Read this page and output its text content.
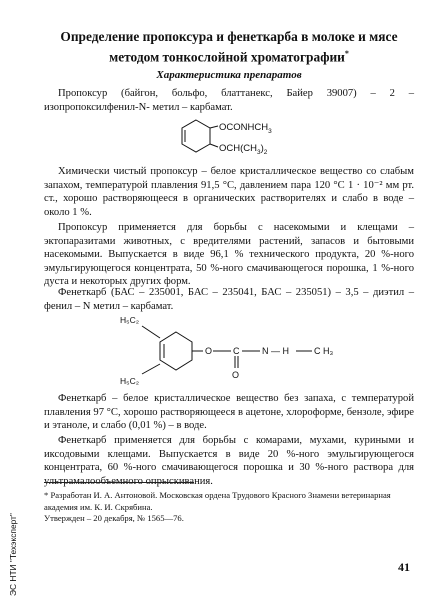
Определение пропоксура и фенеткарба в молоке и мясе
методом тонкослойной хроматографии*
Характеристика препаратов
Пропоксур (байгон, больфо, блаттанекс, Байер 39007) – 2 –изопропоксилфенил-N- метил – карбамат.
$OCONHCH_3$
$OCH(CH_3)_2$
Химически чистый пропоксур – белое кристаллическое вещество со слабым запахом, температурой плавления 91,5 °С, давлением пара 120 °С 1 · 10⁻² мм рт. ст., хорошо растворяющееся в органических растворителях и слабо в воде – около 1 %.
Пропоксур применяется для борьбы с насекомыми и клещами – эктопаразитами животных, с вредителями растений, запасов и бытовыми насекомыми. Выпускается в виде 96,1 % технического продукта, 20 %-ного эмульгирующегося концентрата, 50 %-ного смачивающегося порошка, 1 %-ного дуста и некоторых других форм.
Фенеткарб (БАС – 235001, БАС – 235041, БАС – 235051) – 3,5 – диэтил – фенил – N метил – карбамат.
H₅C₂
H₅C₂
O C
O
N — H	C H₃
Фенеткарб – белое кристаллическое вещество без запаха, с температурой плавления 97 °С, хорошо растворяющееся в ацетоне, хлороформе, бензоле, эфире и этаноле, и слабо (0,01 %) – в воде.
Фенеткарб применяется для борьбы с комарами, мухами, куриными и иксодовыми клещами. Выпускается в виде 20 %-ного эмульгирующегося концентрата, 60 %-ного смачивающегося порошка и 30 %-ного раствора для ультрамалообъемного опрыскивания.
* Разработан И. А. Антоновой. Московская ордена Трудового Красного Знамени ветеринарная академия им. К. И. Скрябина.
Утвержден – 20 декабря, № 1565—76.
41
ЭС НТИ "Техэксперт"
